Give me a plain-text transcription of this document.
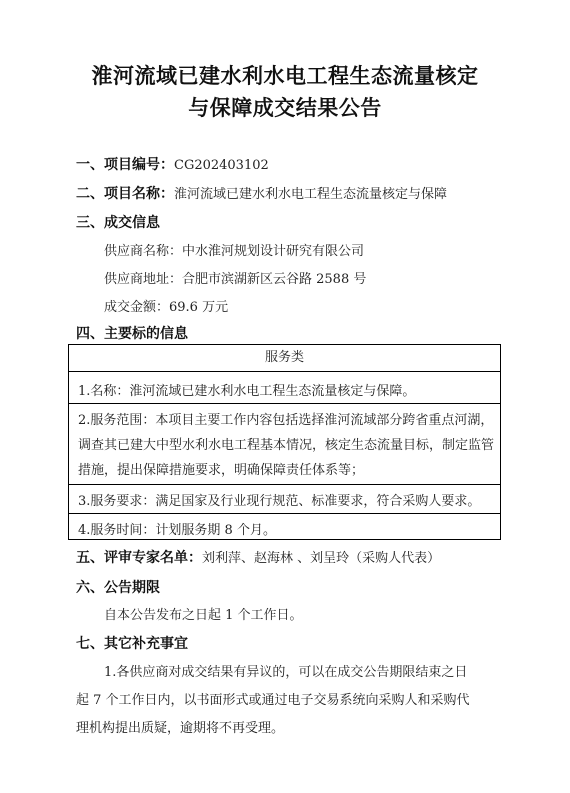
淮河流域已建水利水电工程生态流量核定
与保障成交结果公告
一、项目编号：CG202403102
二、项目名称：淮河流域已建水利水电工程生态流量核定与保障
三、成交信息
供应商名称：中水淮河规划设计研究有限公司
供应商地址：合肥市滨湖新区云谷路 2588 号
成交金额：69.6 万元
四、主要标的信息
服务类
1.名称：淮河流域已建水利水电工程生态流量核定与保障。
2.服务范围：本项目主要工作内容包括选择淮河流域部分跨省重点河湖，
调查其已建大中型水利水电工程基本情况，核定生态流量目标，制定监管
措施，提出保障措施要求，明确保障责任体系等；
3.服务要求：满足国家及行业现行规范、标准要求，符合采购人要求。
4.服务时间：计划服务期 8 个月。
五、评审专家名单：刘利萍、赵海林 、刘呈玲（采购人代表）
六、公告期限
自本公告发布之日起 1 个工作日。
七、其它补充事宜
1.各供应商对成交结果有异议的，可以在成交公告期限结束之日
起 7 个工作日内，以书面形式或通过电子交易系统向采购人和采购代
理机构提出质疑，逾期将不再受理。
